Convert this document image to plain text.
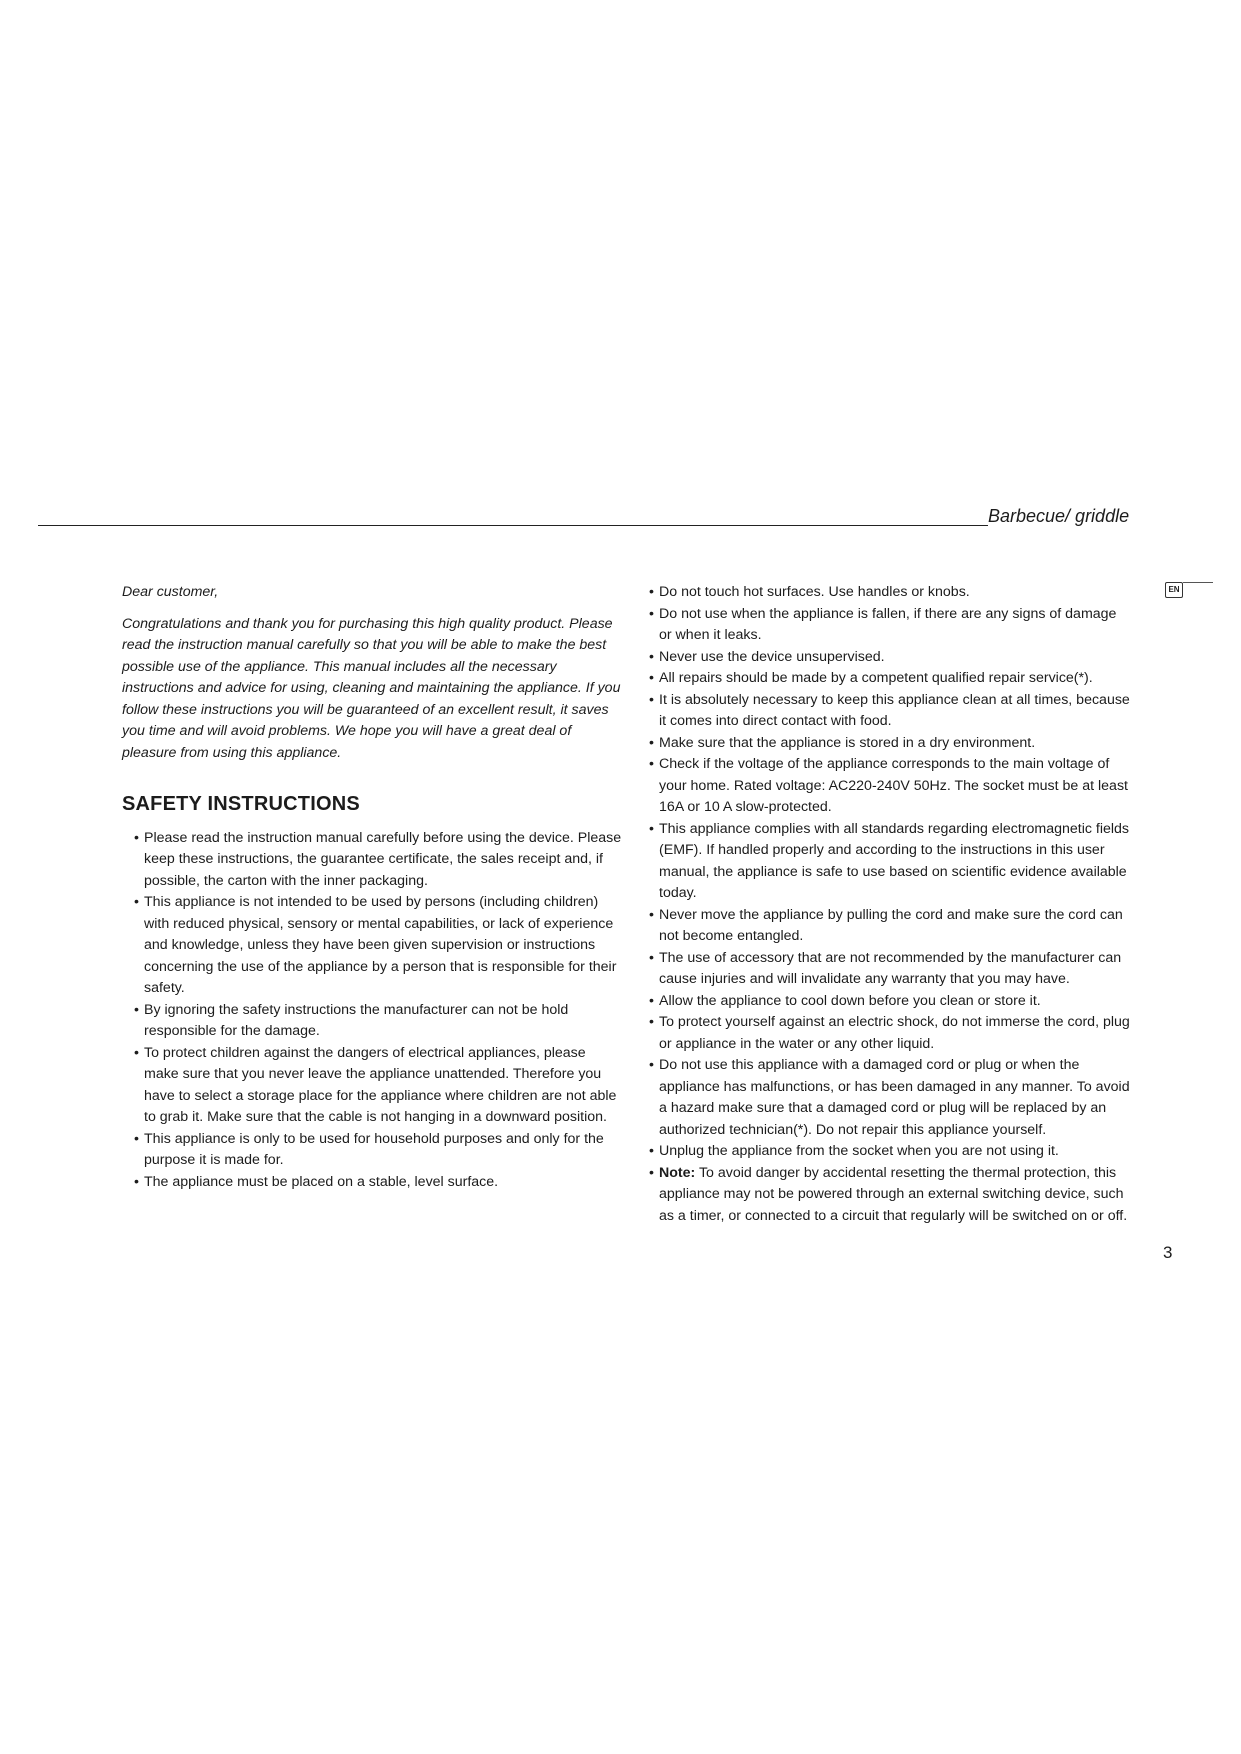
Barbecue/ griddle
EN

Dear customer,

Congratulations and thank you for purchasing this high quality product. Please read the instruction manual carefully so that you will be able to make the best possible use of the appliance. This manual includes all the necessary instructions and advice for using, cleaning and maintaining the appliance. If you follow these instructions you will be guaranteed of an excellent result, it saves you time and will avoid problems. We hope you will have a great deal of pleasure from using this appliance.

SAFETY INSTRUCTIONS
• Please read the instruction manual carefully before using the device. Please keep these instructions, the guarantee certificate, the sales receipt and, if possible, the carton with the inner packaging.
• This appliance is not intended to be used by persons (including children) with reduced physical, sensory or mental capabilities, or lack of experience and knowledge, unless they have been given supervision or instructions concerning the use of the appliance by a person that is responsible for their safety.
• By ignoring the safety instructions the manufacturer can not be hold responsible for the damage.
• To protect children against the dangers of electrical appliances, please make sure that you never leave the appliance unattended. Therefore you have to select a storage place for the appliance where children are not able to grab it. Make sure that the cable is not hanging in a downward position.
• This appliance is only to be used for household purposes and only for the purpose it is made for.
• The appliance must be placed on a stable, level surface.
• Do not touch hot surfaces. Use handles or knobs.
• Do not use when the appliance is fallen, if there are any signs of damage or when it leaks.
• Never use the device unsupervised.
• All repairs should be made by a competent qualified repair service(*).
• It is absolutely necessary to keep this appliance clean at all times, because it comes into direct contact with food.
• Make sure that the appliance is stored in a dry environment.
• Check if the voltage of the appliance corresponds to the main voltage of your home. Rated voltage: AC220-240V 50Hz. The socket must be at least 16A or 10 A slow-protected.
• This appliance complies with all standards regarding electromagnetic fields (EMF). If handled properly and according to the instructions in this user manual, the appliance is safe to use based on scientific evidence available today.
• Never move the appliance by pulling the cord and make sure the cord can not become entangled.
• The use of accessory that are not recommended by the manufacturer can cause injuries and will invalidate any warranty that you may have.
• Allow the appliance to cool down before you clean or store it.
• To protect yourself against an electric shock, do not immerse the cord, plug or appliance in the water or any other liquid.
• Do not use this appliance with a damaged cord or plug or when the appliance has malfunctions, or has been damaged in any manner. To avoid a hazard make sure that a damaged cord or plug will be replaced by an authorized technician(*). Do not repair this appliance yourself.
• Unplug the appliance from the socket when you are not using it.
• Note: To avoid danger by accidental resetting the thermal protection, this appliance may not be powered through an external switching device, such as a timer, or connected to a circuit that regularly will be switched on or off.
3
